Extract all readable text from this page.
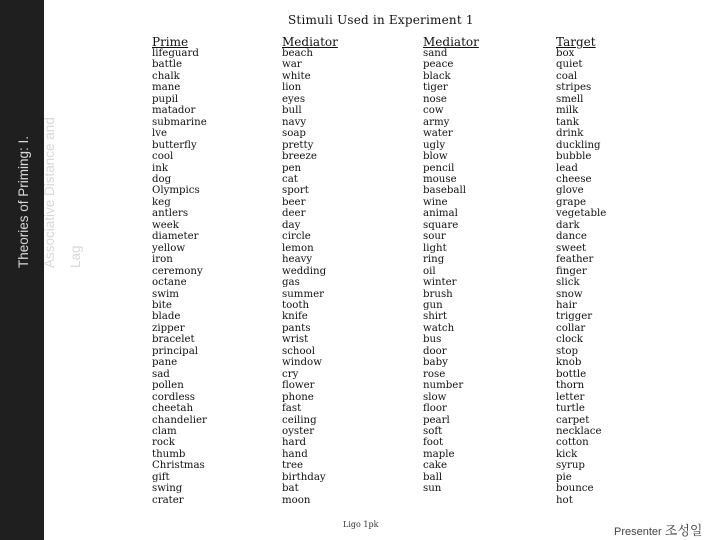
Theories of Priming: I. Associative Distance and Lag

Stimuli Used in Experiment 1
Prime
lifeguard
battle
chalk
mane
pupil
matador
submarine
lve
butterfly
cool
ink
dog
Olympics
keg
antlers
week
diameter
yellow
iron
ceremony
octane
swim
bite
blade
zipper
bracelet
principal
pane
sad
pollen
cordless
cheetah
chandelier
clam
rock
thumb
Christmas
gift
swing
crater
Mediator
beach
war
white
lion
eyes
bull
navy
soap
pretty
breeze
pen
cat
sport
beer
deer
day
circle
lemon
heavy
wedding
gas
summer
tooth
knife
pants
wrist
school
window
cry
flower
phone
fast
ceiling
oyster
hard
hand
tree
birthday
bat
moon
Mediator
sand
peace
black
tiger
nose
cow
army
water
ugly
blow
pencil
mouse
baseball
wine
animal
square
sour
light
ring
oil
winter
brush
gun
shirt
watch
bus
door
baby
rose
number
slow
floor
pearl
soft
foot
maple
cake
ball
sun
Target
box
quiet
coal
stripes
smell
milk
tank
drink
duckling
bubble
lead
cheese
glove
grape
vegetable
dark
dance
sweet
feather
finger
slick
snow
hair
trigger
collar
clock
stop
knob
bottle
thorn
letter
turtle
carpet
necklace
cotton
kick
syrup
pie
bounce
hot
Ligo 1pk
Presenter 조성일
